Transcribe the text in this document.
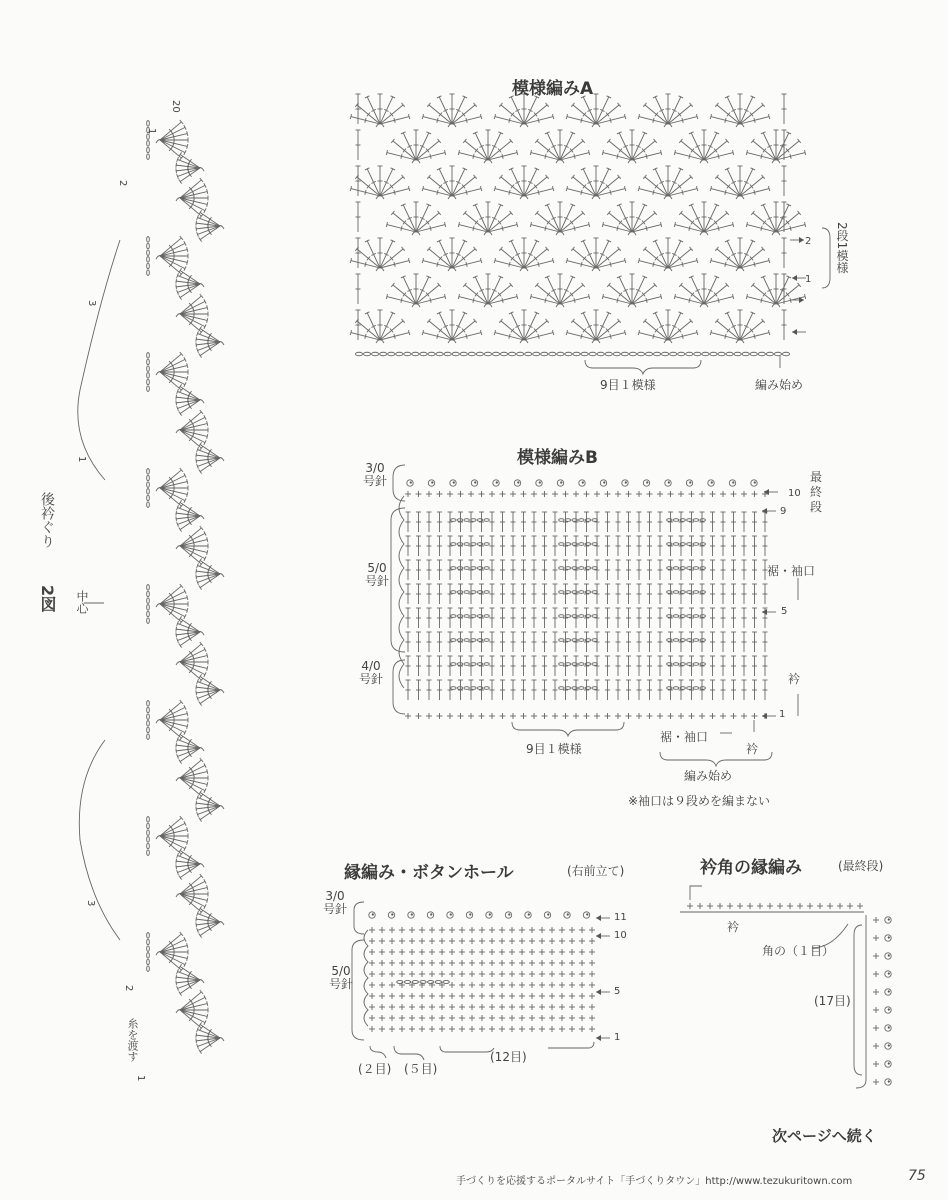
2図
後衿ぐり
中心
20
1
2
3
1
3
2
1
糸を渡す
模様編みA
9目１模様	編み始め
2
1
2段1模様
模様編みB
3/0号針
5/0号針
4/0号針
10
最終段
9
裾・袖口
5
衿
1
9目１模様
裾・袖口
衿
編み始め
※袖口は９段めを編まない
縁編み・ボタンホール	(右前立て)
3/0号針
5/0号針
11
10
5
1
(２目) (５目)
(12目)
衿角の縁編み	(最終段)
衿
角の（１目）
(17目)
次ページへ続く
手づくりを応援するポータルサイト「手づくりタウン」http://www.tezukuritown.com	75
